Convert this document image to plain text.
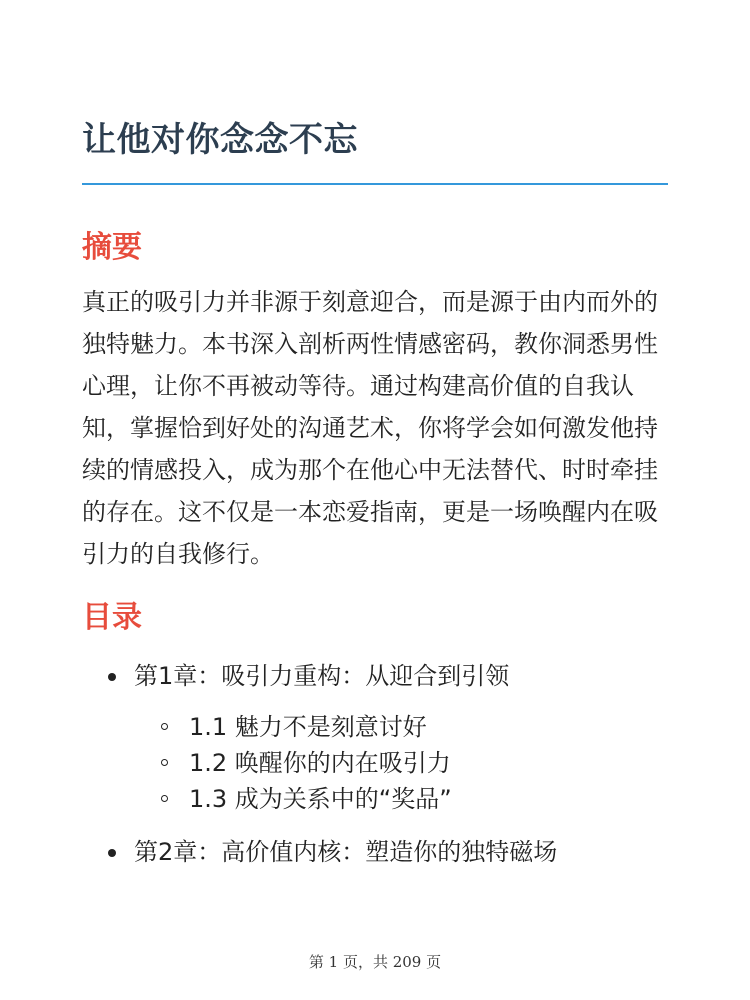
让他对你念念不忘
摘要

真正的吸引力并非源于刻意迎合，而是源于由内而外的独特魅力。本书深入剖析两性情感密码，教你洞悉男性心理，让你不再被动等待。通过构建高价值的自我认知，掌握恰到好处的沟通艺术，你将学会如何激发他持续的情感投入，成为那个在他心中无法替代、时时牵挂的存在。这不仅是一本恋爱指南，更是一场唤醒内在吸引力的自我修行。

目录
第1章：吸引力重构：从迎合到引领
1.1 魅力不是刻意讨好
1.2 唤醒你的内在吸引力
1.3 成为关系中的“奖品”
第2章：高价值内核：塑造你的独特磁场
第 1 页，共 209 页
